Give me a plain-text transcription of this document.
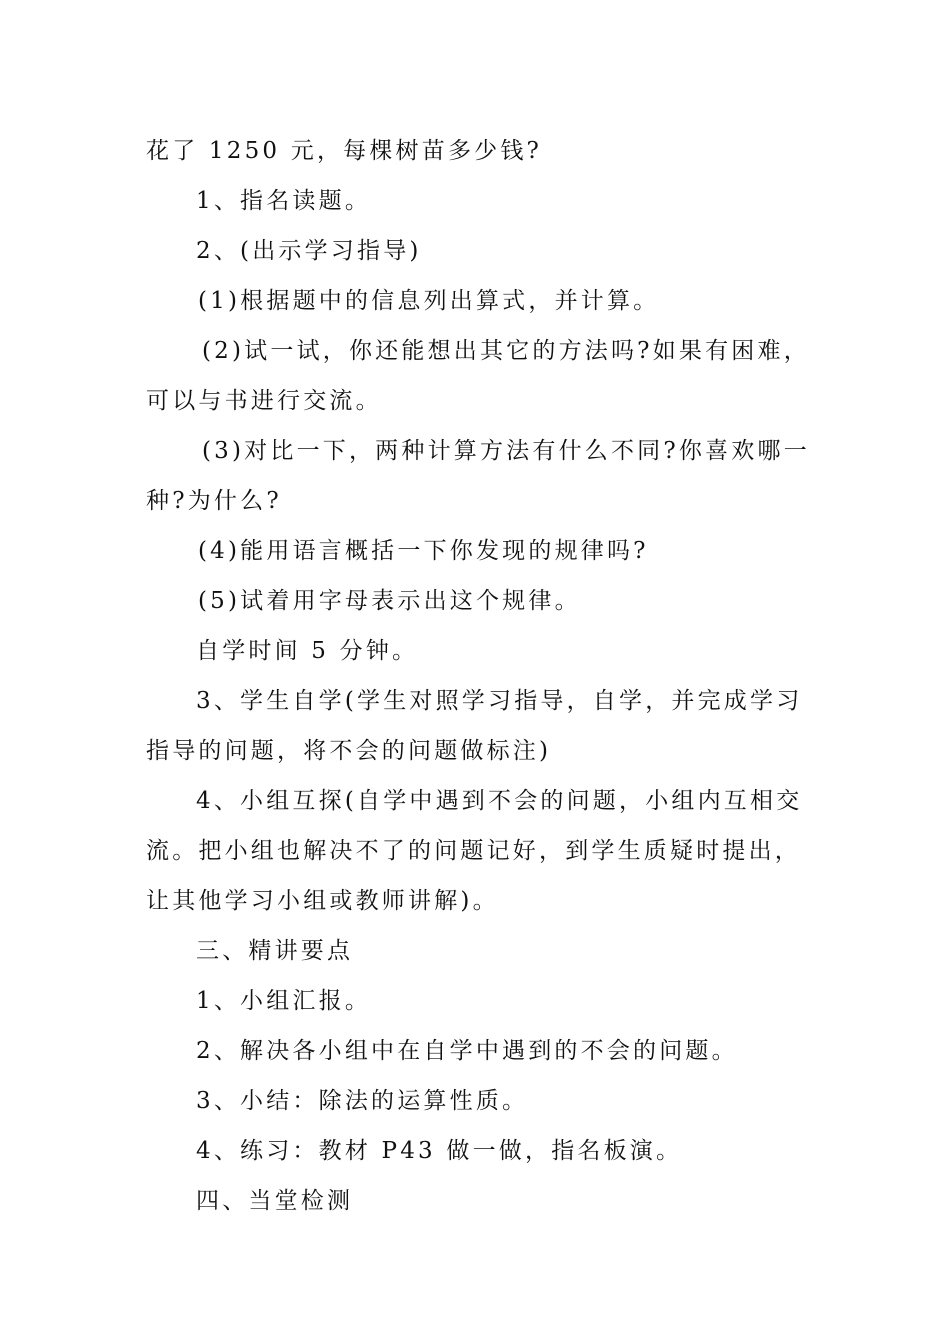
花了 1250 元，每棵树苗多少钱?
1、指名读题。
2、(出示学习指导)
(1)根据题中的信息列出算式，并计算。
(2)试一试，你还能想出其它的方法吗?如果有困难，
可以与书进行交流。
(3)对比一下，两种计算方法有什么不同?你喜欢哪一
种?为什么?
(4)能用语言概括一下你发现的规律吗?
(5)试着用字母表示出这个规律。
自学时间 5 分钟。
3、学生自学(学生对照学习指导，自学，并完成学习
指导的问题，将不会的问题做标注)
4、小组互探(自学中遇到不会的问题，小组内互相交
流。把小组也解决不了的问题记好，到学生质疑时提出，
让其他学习小组或教师讲解)。
三、精讲要点
1、小组汇报。
2、解决各小组中在自学中遇到的不会的问题。
3、小结：除法的运算性质。
4、练习：教材 P43 做一做，指名板演。
四、当堂检测
